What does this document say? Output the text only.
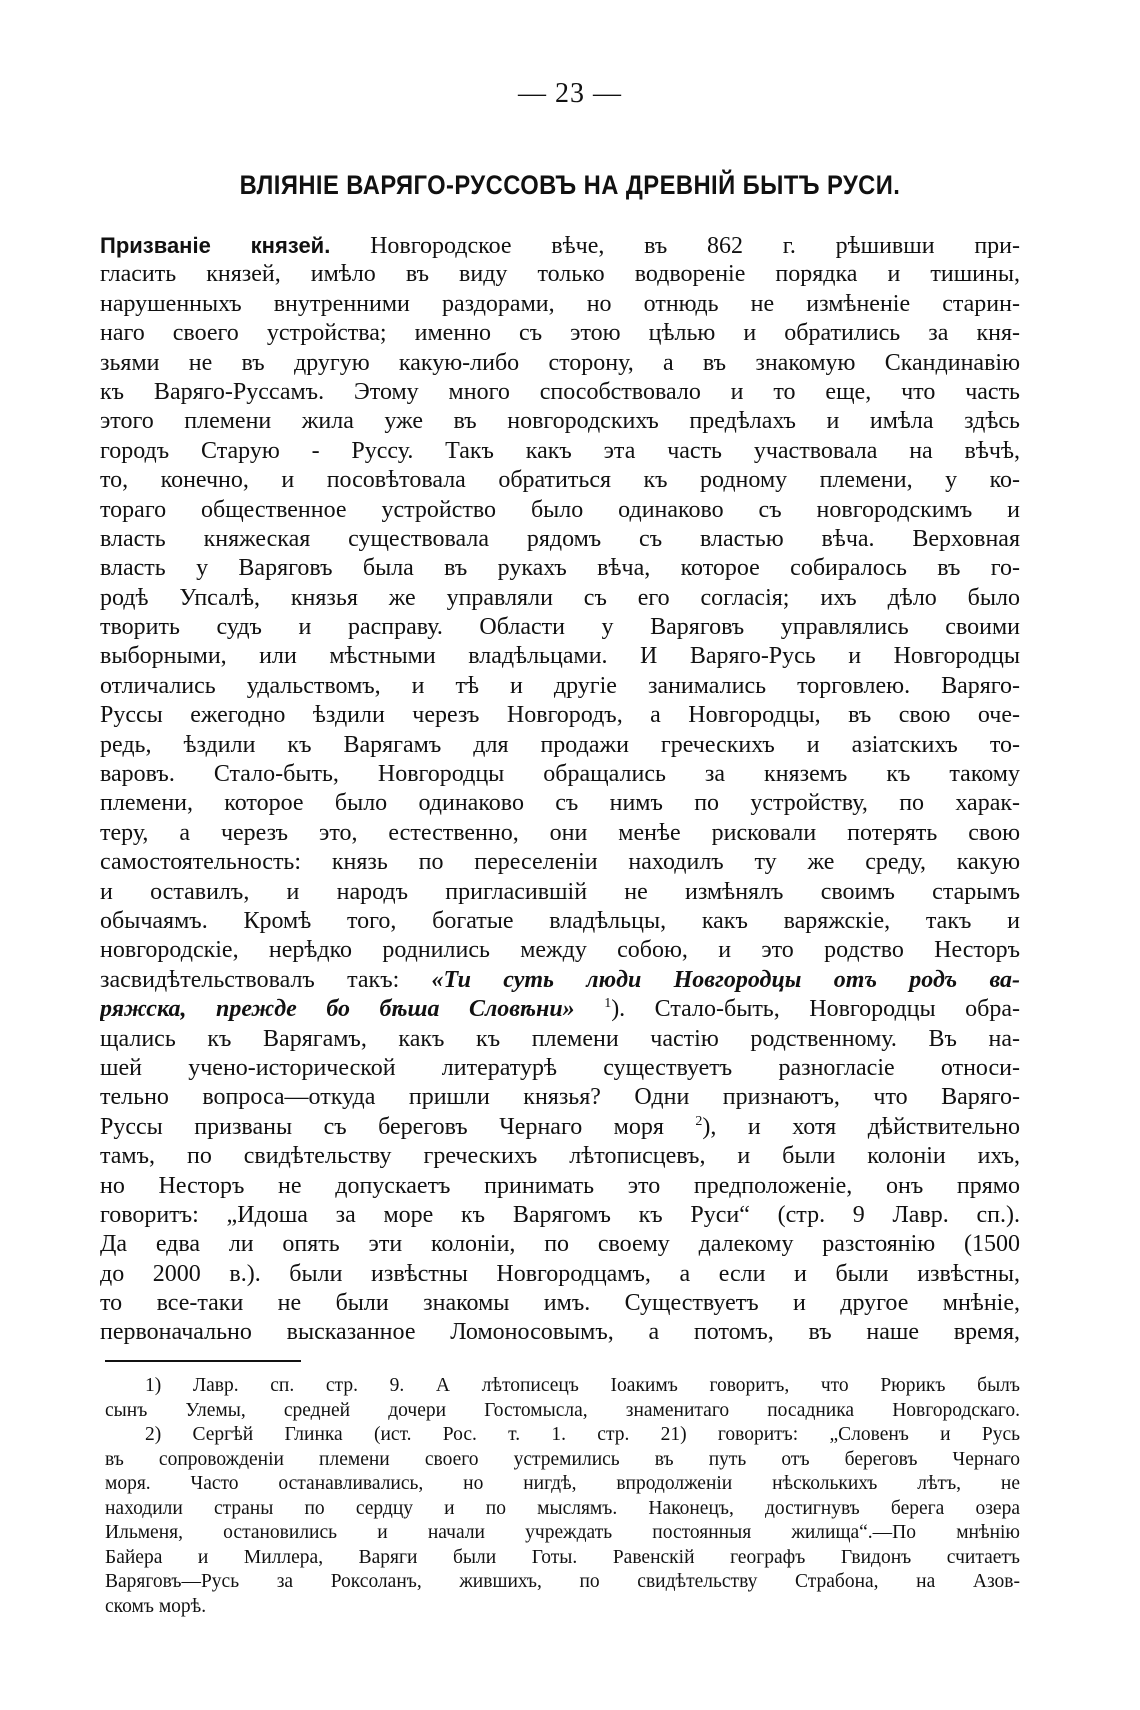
— 23 —
ВЛІЯНІЕ ВАРЯГО-РУССОВЪ НА ДРЕВНІЙ БЫТЪ РУСИ.
Призваніе князей. Новгородское вѣче, въ 862 г. рѣшивши при-
гласить князей, имѣло въ виду только водвореніе порядка и тишины,
нарушенныхъ внутренними раздорами, но отнюдь не измѣненіе старин-
наго своего устройства; именно съ этою цѣлью и обратились за кня-
зьями не въ другую какую-либо сторону, а въ знакомую Скандинавію
къ Варяго-Руссамъ. Этому много способствовало и то еще, что часть
этого племени жила уже въ новгородскихъ предѣлахъ и имѣла здѣсь
городъ Старую - Руссу. Такъ какъ эта часть участвовала на вѣчѣ,
то, конечно, и посовѣтовала обратиться къ родному племени, у ко-
тораго общественное устройство было одинаково съ новгородскимъ и
власть княжеская существовала рядомъ съ властью вѣча. Верховная
власть у Варяговъ была въ рукахъ вѣча, которое собиралось въ го-
родѣ Упсалѣ, князья же управляли съ его согласія; ихъ дѣло было
творить судъ и расправу. Области у Варяговъ управлялись своими
выборными, или мѣстными владѣльцами. И Варяго-Русь и Новгородцы
отличались удальствомъ, и тѣ и другіе занимались торговлею. Варяго-
Руссы ежегодно ѣздили черезъ Новгородъ, а Новгородцы, въ свою оче-
редь, ѣздили къ Варягамъ для продажи греческихъ и азіатскихъ то-
варовъ. Стало-быть, Новгородцы обращались за княземъ къ такому
племени, которое было одинаково съ нимъ по устройству, по харак-
теру, а черезъ это, естественно, они менѣе рисковали потерять свою
самостоятельность: князь по переселеніи находилъ ту же среду, какую
и оставилъ, и народъ пригласившій не измѣнялъ своимъ старымъ
обычаямъ. Кромѣ того, богатые владѣльцы, какъ варяжскіе, такъ и
новгородскіе, нерѣдко роднились между собою, и это родство Несторъ
засвидѣтельствовалъ такъ: «Ти суть люди Новгородцы отъ родъ ва-
ряжска, прежде бо бѣша Словѣни» $^1$). Стало-быть, Новгородцы обра-
щались къ Варягамъ, какъ къ племени частію родственному. Въ на-
шей учено-исторической литературѣ существуетъ разногласіе относи-
тельно вопроса—откуда пришли князья? Одни признаютъ, что Варяго-
Руссы призваны съ береговъ Чернаго моря $^2$), и хотя дѣйствительно
тамъ, по свидѣтельству греческихъ лѣтописцевъ, и были колоніи ихъ,
но Несторъ не допускаетъ принимать это предположеніе, онъ прямо
говоритъ: „Идоша за море къ Варягомъ къ Руси“ (стр. 9 Лавр. сп.).
Да едва ли опять эти колоніи, по своему далекому разстоянію (1500
до 2000 в.). были извѣстны Новгородцамъ, а если и были извѣстны,
то все-таки не были знакомы имъ. Существуетъ и другое мнѣніе,
первоначально высказанное Ломоносовымъ, а потомъ, въ наше время,
1) Лавр. сп. стр. 9. А лѣтописецъ Іоакимъ говоритъ, что Рюрикъ былъ
сынъ Улемы, средней дочери Гостомысла, знаменитаго посадника Новгородскаго.
2) Сергѣй Глинка (ист. Рос. т. 1. стр. 21) говоритъ: „Словенъ и Русь
въ сопровожденіи племени своего устремились въ путь отъ береговъ Чернаго
моря. Часто останавливались, но нигдѣ, впродолженіи нѣсколькихъ лѣтъ, не
находили страны по сердцу и по мыслямъ. Наконецъ, достигнувъ берега озера
Ильменя, остановились и начали учреждать постоянныя жилища“.—По мнѣнію
Байера и Миллера, Варяги были Готы. Равенскій географъ Гвидонъ считаетъ
Варяговъ—Русь за Роксоланъ, жившихъ, по свидѣтельству Страбона, на Азов-
скомъ морѣ.
